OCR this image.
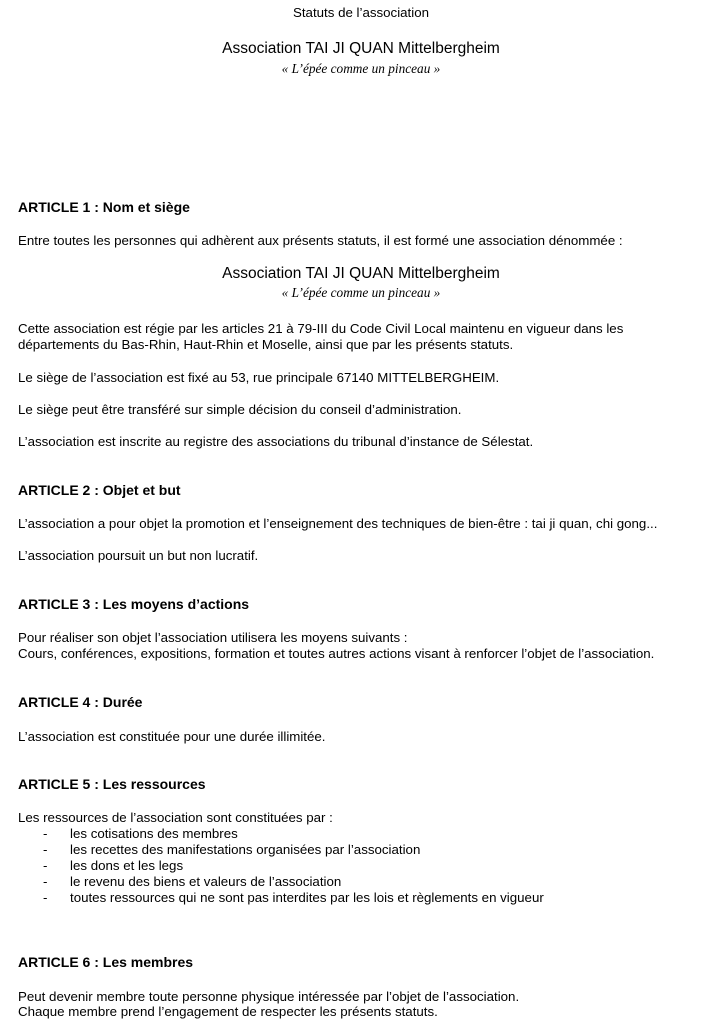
Statuts de l’association

Association TAI JI QUAN Mittelbergheim

« L’épée comme un pinceau »

ARTICLE 1 : Nom et siège

Entre toutes les personnes qui adhèrent aux présents statuts, il est formé une association dénommée :

Association TAI JI QUAN Mittelbergheim

« L’épée comme un pinceau »

Cette association est régie par les articles 21 à 79-III du Code Civil Local maintenu en vigueur dans les

départements du Bas-Rhin, Haut-Rhin et Moselle, ainsi que par les présents statuts.

Le siège de l’association est fixé au 53, rue principale 67140 MITTELBERGHEIM.

Le siège peut être transféré sur simple décision du conseil d’administration.

L’association est inscrite au registre des associations du tribunal d’instance de Sélestat.

ARTICLE 2 : Objet et but

L’association a pour objet la promotion et l’enseignement des techniques de bien-être : tai ji quan, chi gong...

L’association poursuit un but non lucratif.

ARTICLE 3 : Les moyens d’actions

Pour réaliser son objet l’association utilisera les moyens suivants :

Cours, conférences, expositions, formation et toutes autres actions visant à renforcer l’objet de l’association.

ARTICLE 4 : Durée

L’association est constituée pour une durée illimitée.

ARTICLE 5 : Les ressources

Les ressources de l’association sont constituées par :

- les cotisations des membres
- les recettes des manifestations organisées par l’association
- les dons et les legs
- le revenu des biens et valeurs de l’association
- toutes ressources qui ne sont pas interdites par les lois et règlements en vigueur
ARTICLE 6 : Les membres

Peut devenir membre toute personne physique intéressée par l’objet de l’association.

Chaque membre prend l’engagement de respecter les présents statuts.
